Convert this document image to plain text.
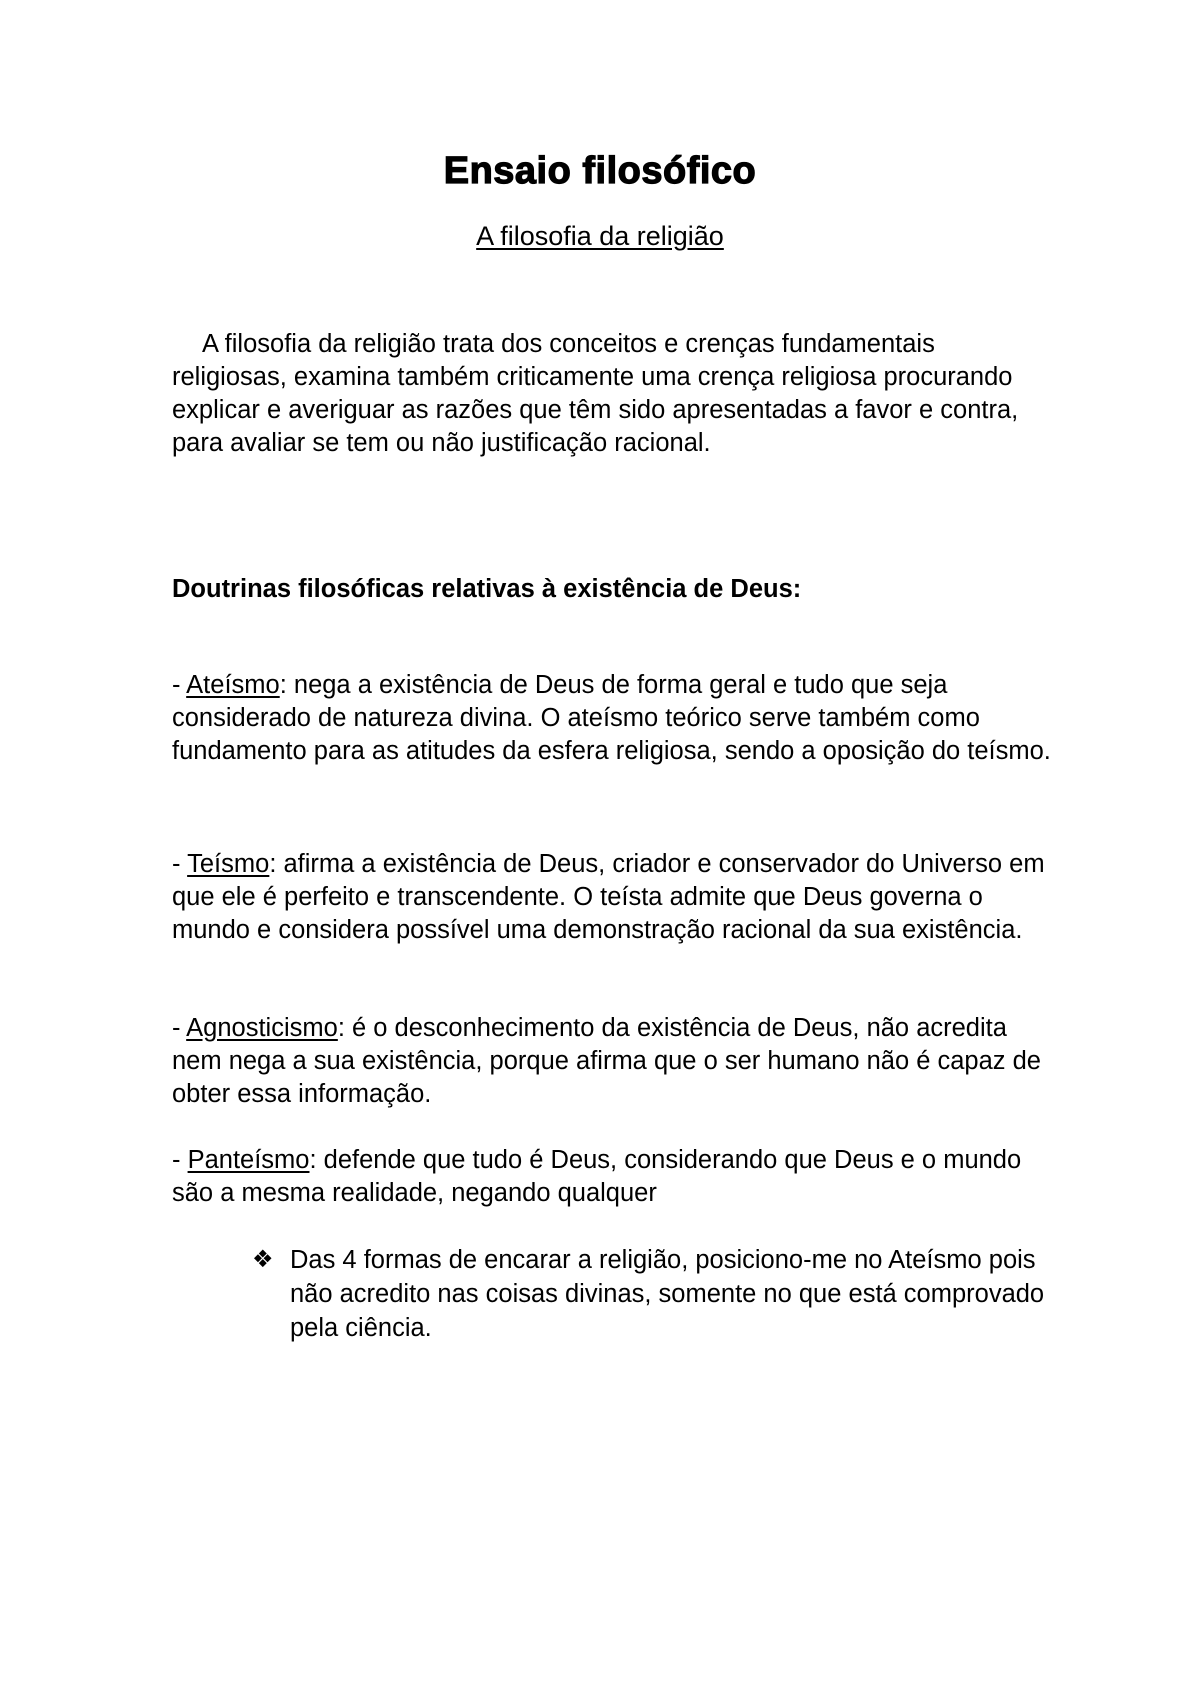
Ensaio filosófico
A filosofia da religião
A filosofia da religião trata dos conceitos e crenças fundamentais religiosas, examina também criticamente uma crença religiosa procurando explicar e averiguar as razões que têm sido apresentadas a favor e contra, para avaliar se tem ou não justificação racional.
Doutrinas filosóficas relativas à existência de Deus:
- Ateísmo: nega a existência de Deus de forma geral e tudo que seja considerado de natureza divina. O ateísmo teórico serve também como fundamento para as atitudes da esfera religiosa, sendo a oposição do teísmo.
- Teísmo: afirma a existência de Deus, criador e conservador do Universo em que ele é perfeito e transcendente. O teísta admite que Deus governa o mundo e considera possível uma demonstração racional da sua existência.
- Agnosticismo: é o desconhecimento da existência de Deus, não acredita nem nega a sua existência, porque afirma que o ser humano não é capaz de obter essa informação.
- Panteísmo: defende que tudo é Deus, considerando que Deus e o mundo são a mesma realidade, negando qualquer
❖ Das 4 formas de encarar a religião, posiciono-me no Ateísmo pois não acredito nas coisas divinas, somente no que está comprovado pela ciência.
